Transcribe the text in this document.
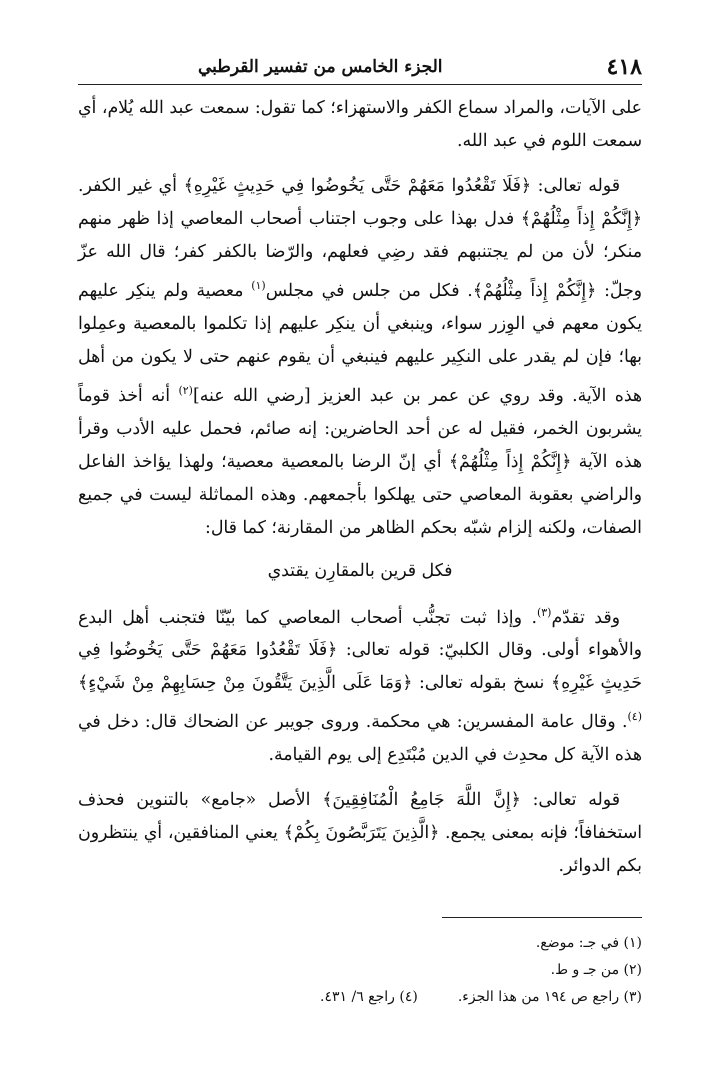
٤١٨
الجزء الخامس من تفسير القرطبي

على الآيات، والمراد سماع الكفر والاستهزاء؛ كما تقول: سمعت عبد الله يُلام، أي سمعت اللوم في عبد الله.

قوله تعالى: ﴿فَلَا تَقْعُدُوا مَعَهُمْ حَتَّى يَخُوضُوا فِي حَدِيثٍ غَيْرِهِ﴾ أي غير الكفر. ﴿إِنَّكُمْ إِذاً مِثْلُهُمْ﴾ فدل بهذا على وجوب اجتناب أصحاب المعاصي إذا ظهر منهم منكر؛ لأن من لم يجتنبهم فقد رضِي فعلهم، والرّضا بالكفر كفر؛ قال الله عزّ وجلّ: ﴿إِنَّكُمْ إِذاً مِثْلُهُمْ﴾. فكل من جلس في مجلس$^{(١)}$ معصية ولم ينكِر عليهم يكون معهم في الوِزر سواء، وينبغي أن ينكِر عليهم إذا تكلموا بالمعصية وعمِلوا بها؛ فإن لم يقدر على النكِير عليهم فينبغي أن يقوم عنهم حتى لا يكون من أهل هذه الآية. وقد روي عن عمر بن عبد العزيز [رضي الله عنه]$^{(٢)}$ أنه أخذ قوماً يشربون الخمر، فقيل له عن أحد الحاضرين: إنه صائم، فحمل عليه الأدب وقرأ هذه الآية ﴿إِنَّكُمْ إِذاً مِثْلُهُمْ﴾ أي إنّ الرضا بالمعصية معصية؛ ولهذا يؤاخذ الفاعل والراضي بعقوبة المعاصي حتى يهلكوا بأجمعهم. وهذه المماثلة ليست في جميع الصفات، ولكنه إلزام شبّه بحكم الظاهر من المقارنة؛ كما قال:

فكل قرين بالمقارِن يقتدي

وقد تقدّم$^{(٣)}$. وإذا ثبت تجنُّب أصحاب المعاصي كما بيّنّا فتجنب أهل البدع والأهواء أولى. وقال الكلبيّ: قوله تعالى: ﴿فَلَا تَقْعُدُوا مَعَهُمْ حَتَّى يَخُوضُوا فِي حَدِيثٍ غَيْرِهِ﴾ نسخ بقوله تعالى: ﴿وَمَا عَلَى الَّذِينَ يَتَّقُونَ مِنْ حِسَابِهِمْ مِنْ شَيْءٍ﴾$^{(٤)}$. وقال عامة المفسرين: هي محكمة. وروى جويبر عن الضحاك قال: دخل في هذه الآية كل محدِث في الدين مُبْتَدِع إلى يوم القيامة.

قوله تعالى: ﴿إِنَّ اللَّهَ جَامِعُ الْمُنَافِقِينَ﴾ الأصل «جامع» بالتنوين فحذف استخفافاً؛ فإنه بمعنى يجمع. ﴿الَّذِينَ يَتَرَبَّصُونَ بِكُمْ﴾ يعني المنافقين، أي ينتظرون بكم الدوائر.

(١) في جـ: موضع.
(٢) من جـ و ط.
(٣) راجع ص ١٩٤ من هذا الجزء.
(٤) راجع ٦/ ٤٣١.
